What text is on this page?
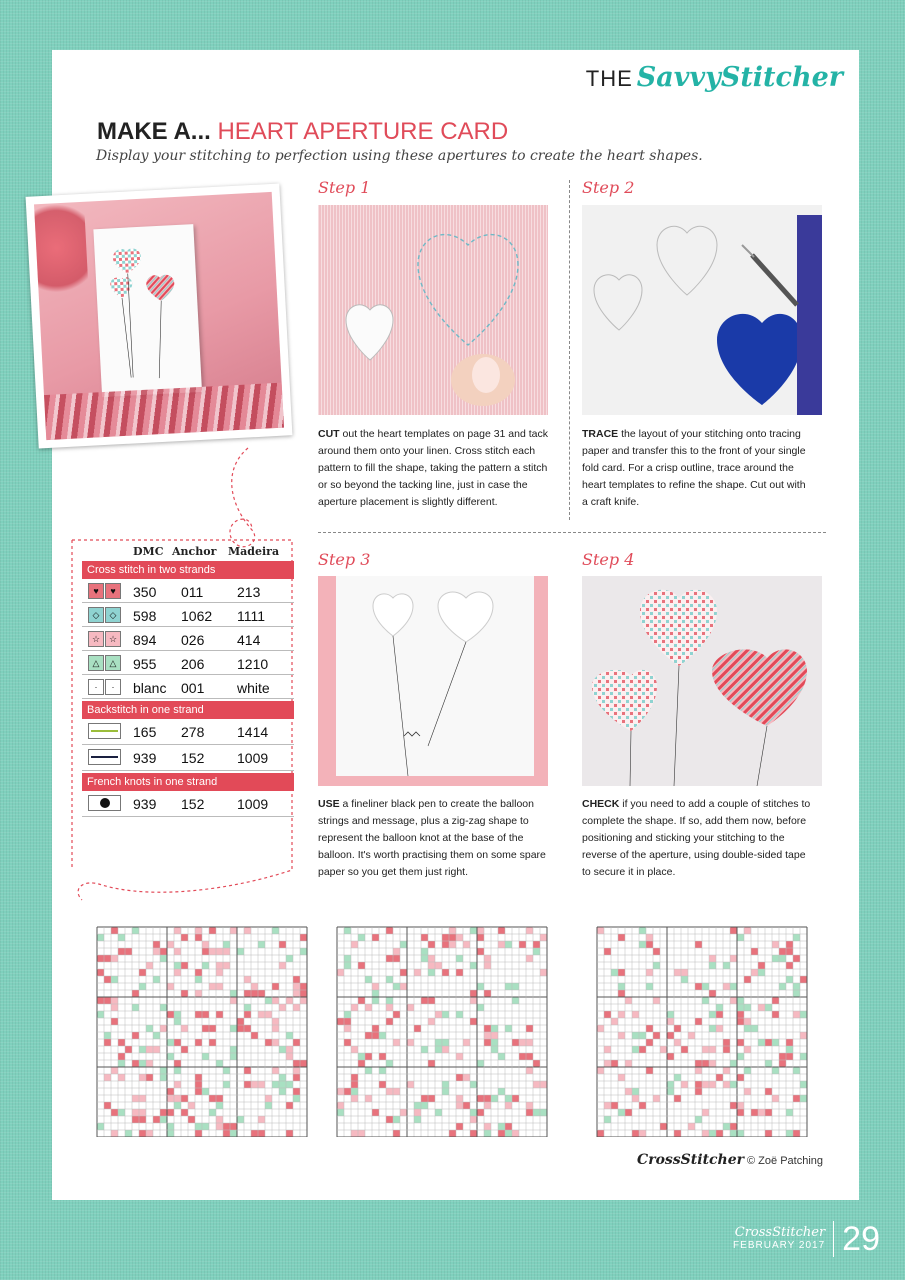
THE SavvyStitcher
MAKE A... HEART APERTURE CARD
Display your stitching to perfection using these apertures to create the heart shapes.
Step 1
CUT out the heart templates on page 31 and tack around them onto your linen. Cross stitch each pattern to fill the shape, taking the pattern a stitch or so beyond the tacking line, just in case the aperture placement is slightly different.
Step 2
TRACE the layout of your stitching onto tracing paper and transfer this to the front of your single fold card. For a crisp outline, trace around the heart templates to refine the shape. Cut out with a craft knife.
Step 3
USE a fineliner black pen to create the balloon strings and message, plus a zig-zag shape to represent the balloon knot at the base of the balloon. It's worth practising them on some spare paper so you get them just right.
Step 4
CHECK if you need to add a couple of stitches to complete the shape. If so, add them now, before positioning and sticking your stitching to the reverse of the aperture, using double-sided tape to secure it in place.
DMC Anchor Madeira
Cross stitch in two strands
♥	♥	350 011 213
◇	◇	598 1062 1111
☆ ☆ 894 026 414
△	△	955 206 1210
·	·	blanc 001 white
Backstitch in one strand
165 278 1414
939 152 1009
French knots in one strand
939 152 1009
CrossStitcher © Zoë Patching
CrossStitcher
FEBRUARY 2017 29
